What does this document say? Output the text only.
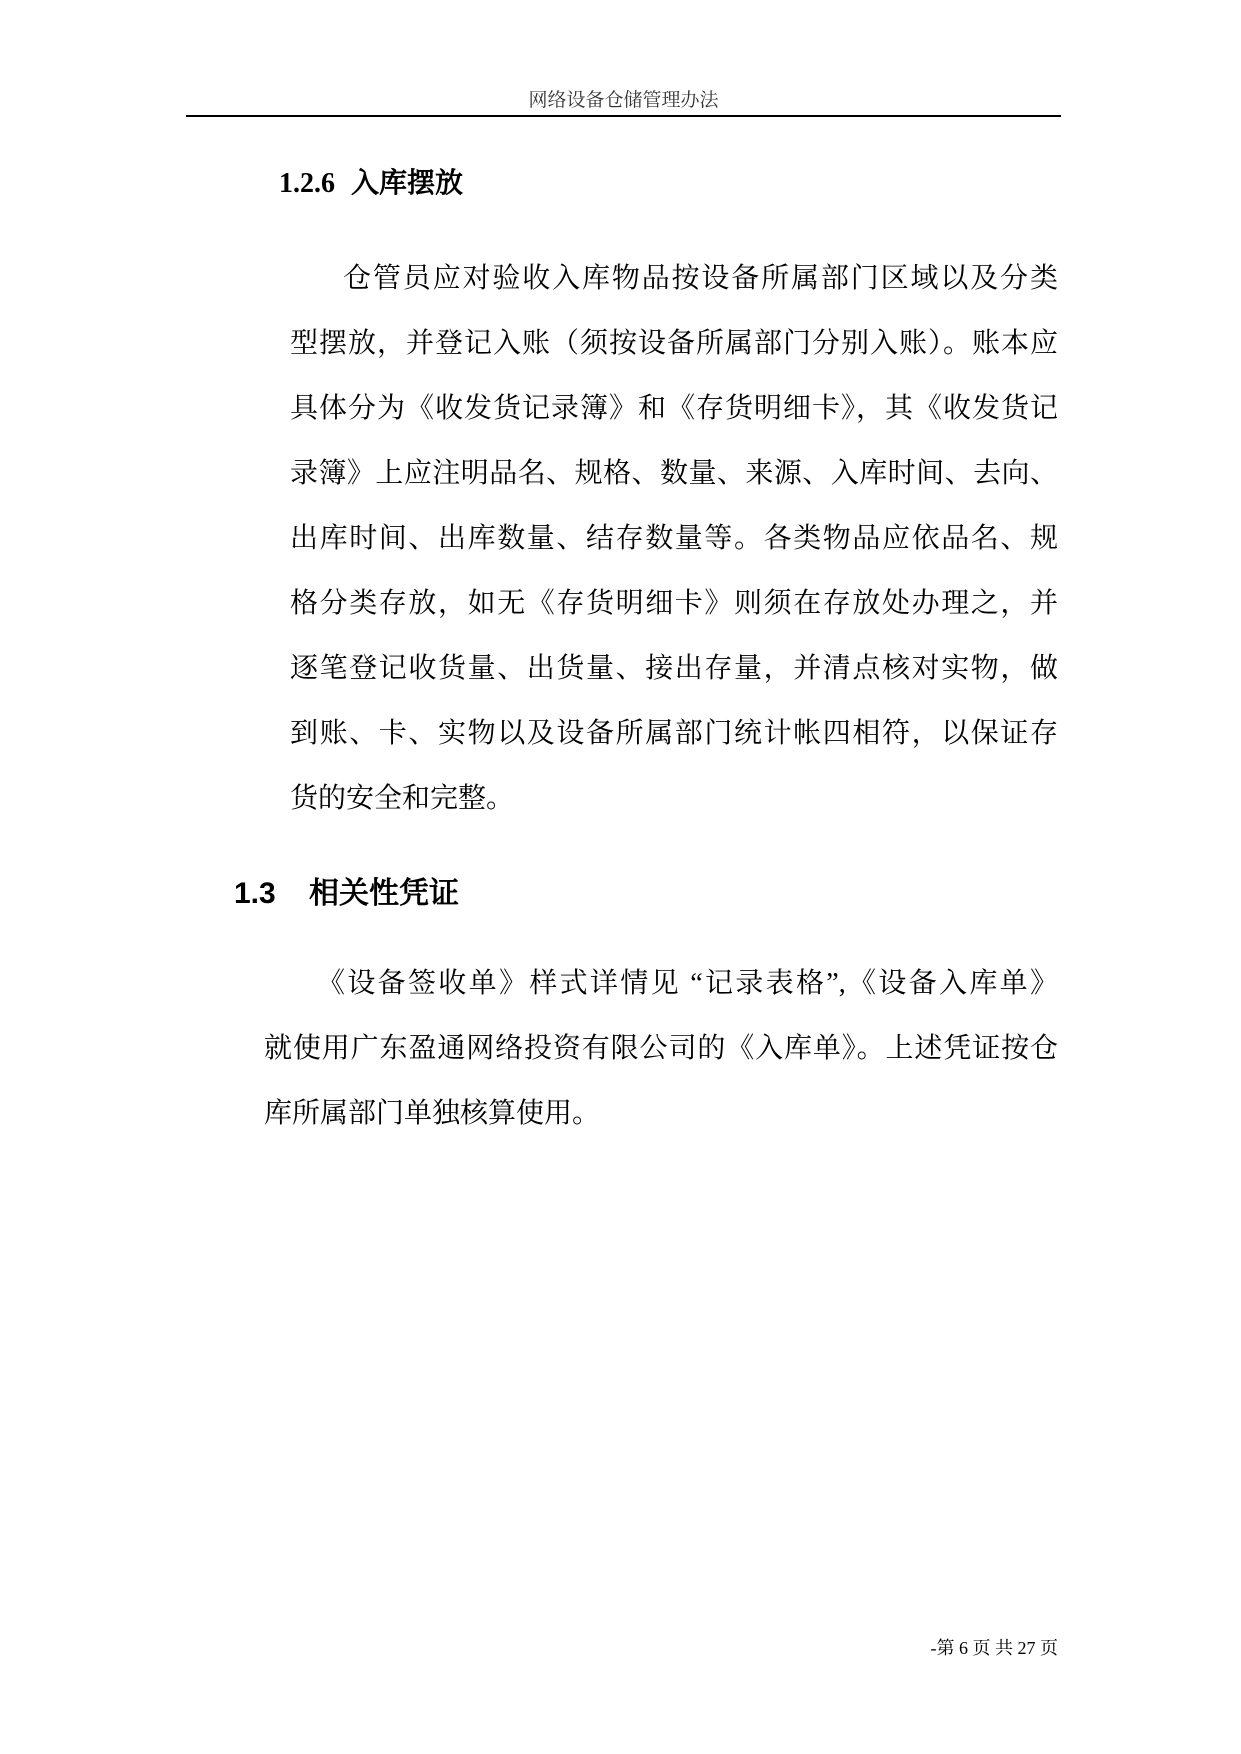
网络设备仓储管理办法
1.2.6 入库摆放
仓管员应对验收入库物品按设备所属部门区域以及分类
型摆放，并登记入账（须按设备所属部门分别入账）。账本应
具体分为《收发货记录簿》和《存货明细卡》，其《收发货记
录簿》上应注明品名、规格、数量、来源、入库时间、去向、
出库时间、出库数量、结存数量等。各类物品应依品名、规
格分类存放，如无《存货明细卡》则须在存放处办理之，并
逐笔登记收货量、出货量、接出存量，并清点核对实物，做
到账、卡、实物以及设备所属部门统计帐四相符，以保证存
货的安全和完整。
1.3 相关性凭证
《设备签收单》样式详情见 “记录表格”,《设备入库单》
就使用广东盈通网络投资有限公司的《入库单》。上述凭证按仓
库所属部门单独核算使用。
-第 6 页 共 27 页
